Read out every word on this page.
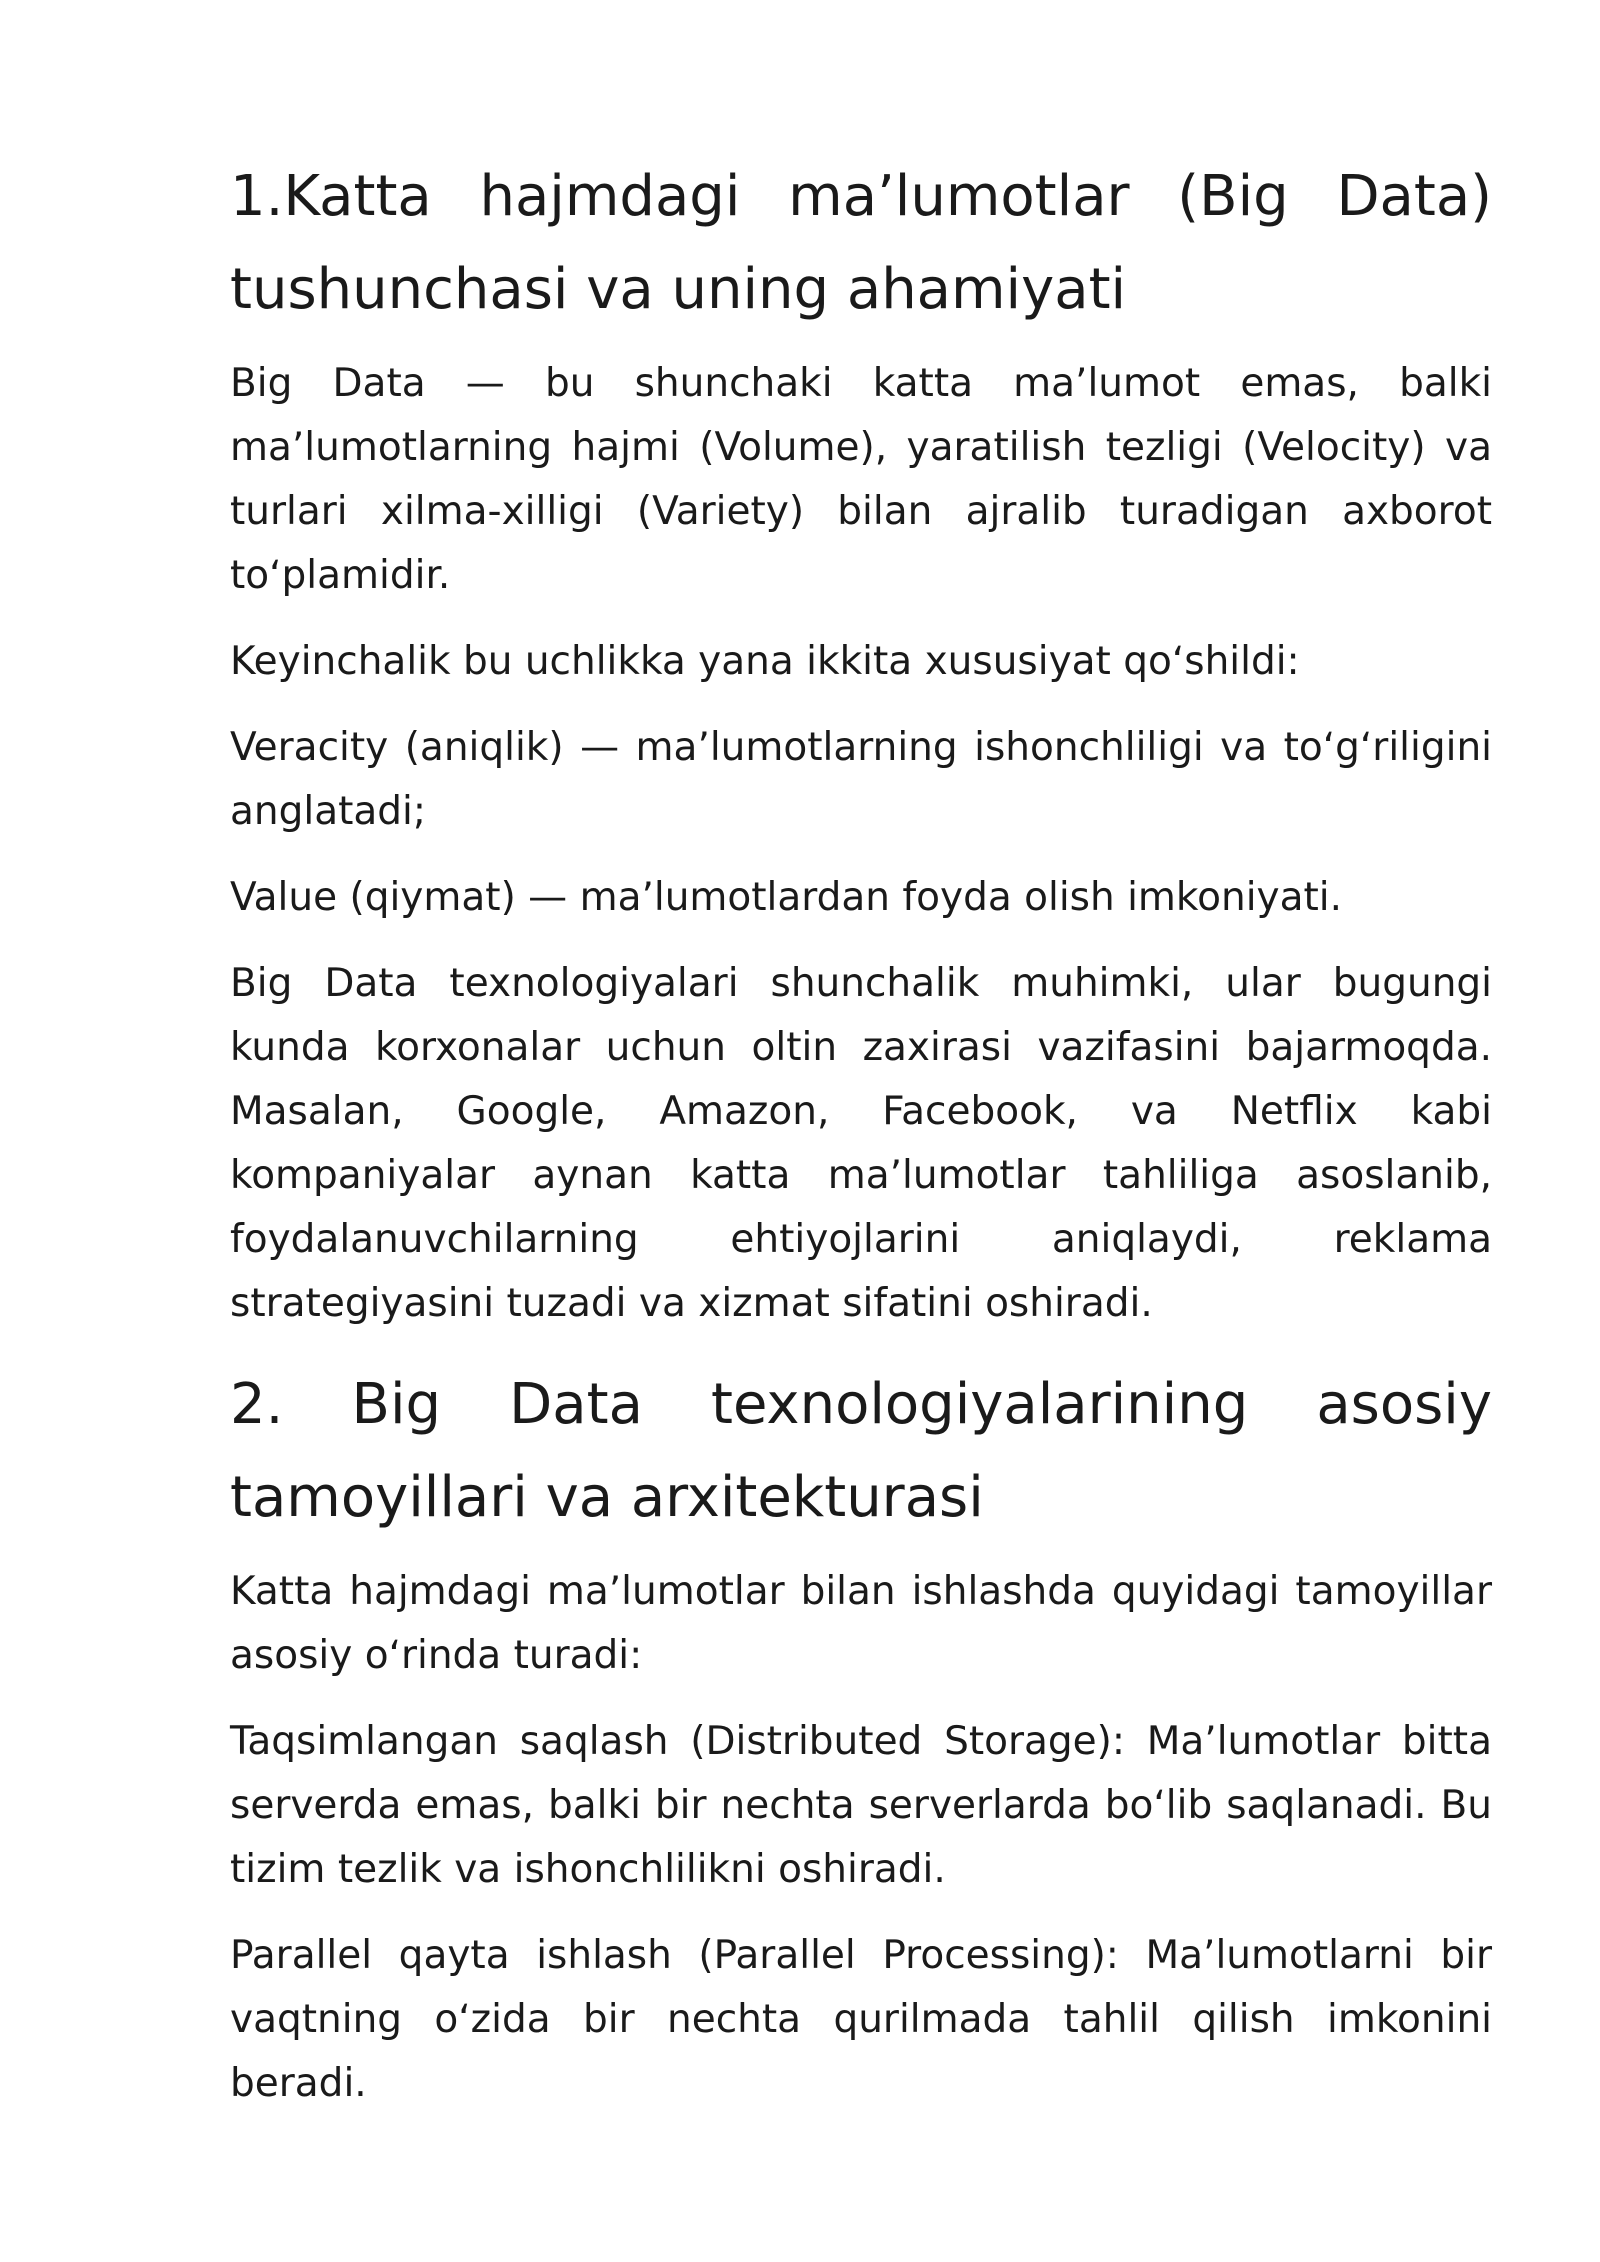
1.Katta hajmdagi ma’lumotlar (Big Data) tushunchasi va uning ahamiyati

Big Data — bu shunchaki katta ma’lumot emas, balki ma’lumotlarning hajmi (Volume), yaratilish tezligi (Velocity) va turlari xilma-xilligi (Variety) bilan ajralib turadigan axborot to‘plamidir.

Keyinchalik bu uchlikka yana ikkita xususiyat qo‘shildi:

Veracity (aniqlik) — ma’lumotlarning ishonchliligi va to‘g‘riligini anglatadi;

Value (qiymat) — ma’lumotlardan foyda olish imkoniyati.

Big Data texnologiyalari shunchalik muhimki, ular bugungi kunda korxonalar uchun oltin zaxirasi vazifasini bajarmoqda. Masalan, Google, Amazon, Facebook, va Netflix kabi kompaniyalar aynan katta ma’lumotlar tahliliga asoslanib, foydalanuvchilarning ehtiyojlarini aniqlaydi, reklama strategiyasini tuzadi va xizmat sifatini oshiradi.

2. Big Data texnologiyalarining asosiy tamoyillari va arxitekturasi

Katta hajmdagi ma’lumotlar bilan ishlashda quyidagi tamoyillar asosiy o‘rinda turadi:

Taqsimlangan saqlash (Distributed Storage): Ma’lumotlar bitta serverda emas, balki bir nechta serverlarda bo‘lib saqlanadi. Bu tizim tezlik va ishonchlilikni oshiradi.

Parallel qayta ishlash (Parallel Processing): Ma’lumotlarni bir vaqtning o‘zida bir nechta qurilmada tahlil qilish imkonini beradi.
